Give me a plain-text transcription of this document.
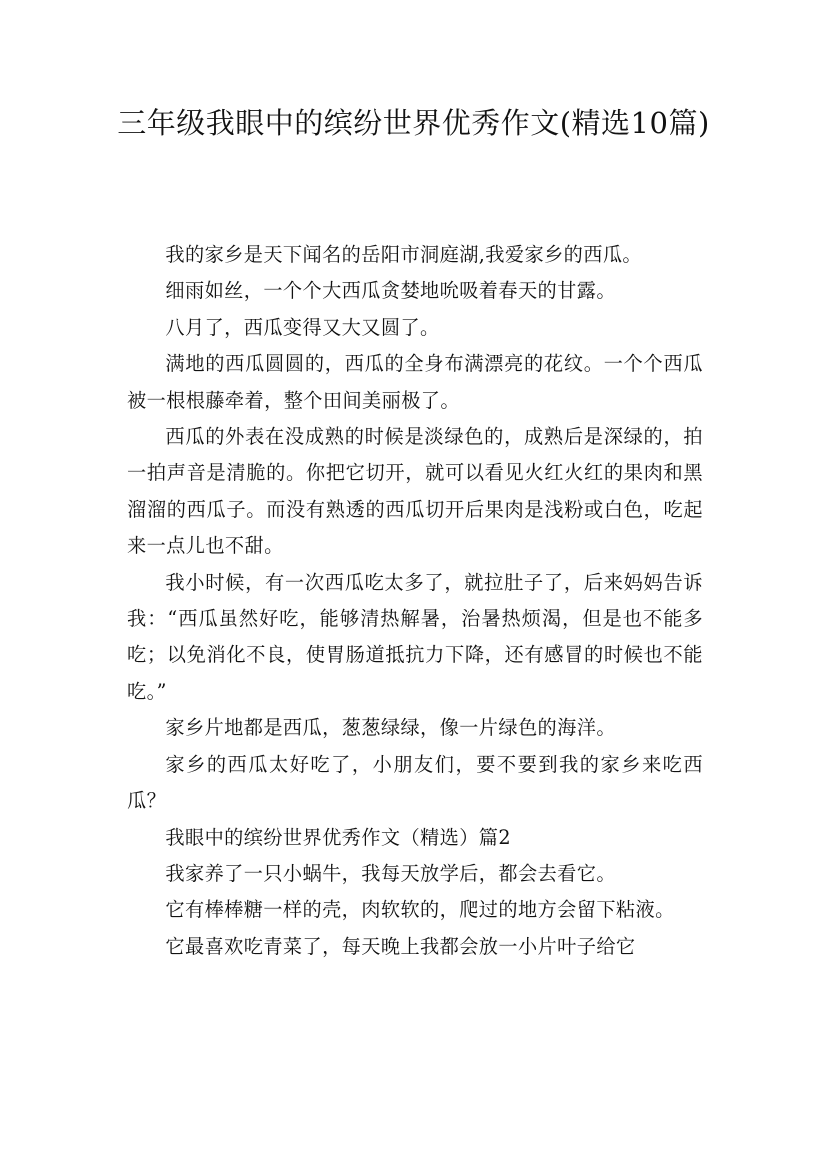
三年级我眼中的缤纷世界优秀作文(精选10篇)

我的家乡是天下闻名的岳阳市洞庭湖,我爱家乡的西瓜。

细雨如丝，一个个大西瓜贪婪地吮吸着春天的甘露。

八月了，西瓜变得又大又圆了。

满地的西瓜圆圆的，西瓜的全身布满漂亮的花纹。一个个西瓜被一根根藤牵着，整个田间美丽极了。

西瓜的外表在没成熟的时候是淡绿色的，成熟后是深绿的，拍一拍声音是清脆的。你把它切开，就可以看见火红火红的果肉和黑溜溜的西瓜子。而没有熟透的西瓜切开后果肉是浅粉或白色，吃起来一点儿也不甜。

我小时候，有一次西瓜吃太多了，就拉肚子了，后来妈妈告诉我：“西瓜虽然好吃，能够清热解暑，治暑热烦渴，但是也不能多吃；以免消化不良，使胃肠道抵抗力下降，还有感冒的时候也不能吃。”

家乡片地都是西瓜，葱葱绿绿，像一片绿色的海洋。

家乡的西瓜太好吃了，小朋友们，要不要到我的家乡来吃西瓜？

我眼中的缤纷世界优秀作文（精选）篇2

我家养了一只小蜗牛，我每天放学后，都会去看它。

它有棒棒糖一样的壳，肉软软的，爬过的地方会留下粘液。

它最喜欢吃青菜了，每天晚上我都会放一小片叶子给它
